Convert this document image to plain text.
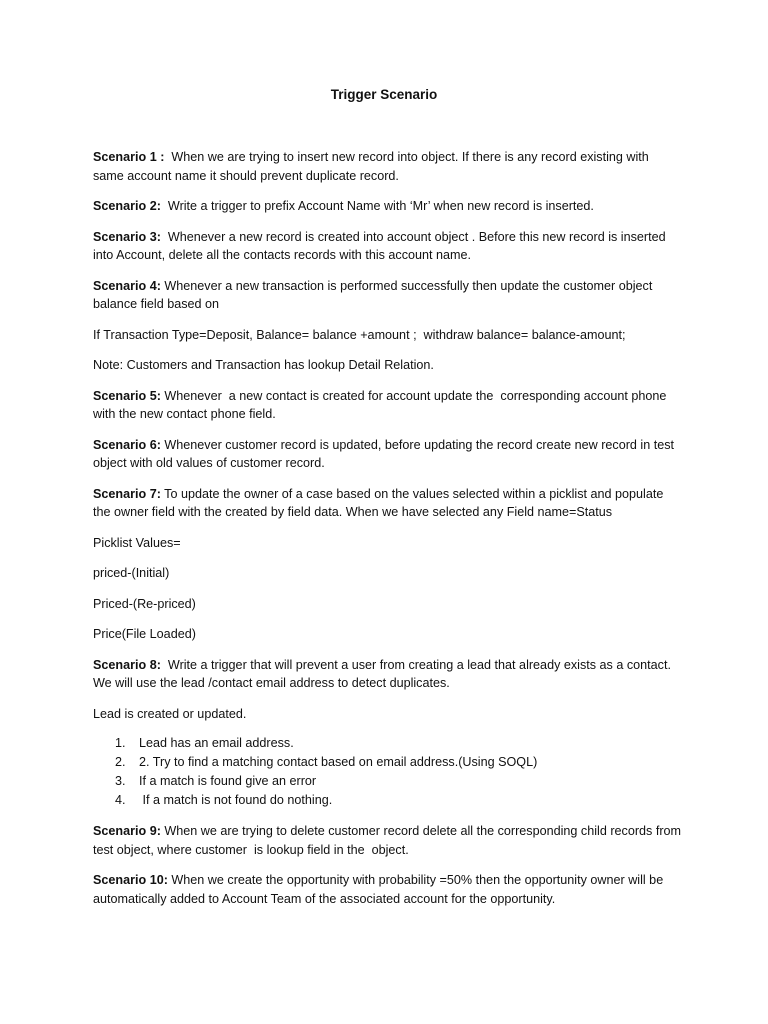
Trigger Scenario
Scenario 1 :  When we are trying to insert new record into object. If there is any record existing with same account name it should prevent duplicate record.
Scenario 2:  Write a trigger to prefix Account Name with ‘Mr’ when new record is inserted.
Scenario 3:  Whenever a new record is created into account object . Before this new record is inserted into Account, delete all the contacts records with this account name.
Scenario 4: Whenever a new transaction is performed successfully then update the customer object balance field based on
If Transaction Type=Deposit, Balance= balance +amount ;  withdraw balance= balance-amount;
Note: Customers and Transaction has lookup Detail Relation.
Scenario 5: Whenever  a new contact is created for account update the  corresponding account phone with the new contact phone field.
Scenario 6: Whenever customer record is updated, before updating the record create new record in test object with old values of customer record.
Scenario 7: To update the owner of a case based on the values selected within a picklist and populate the owner field with the created by field data. When we have selected any Field name=Status
Picklist Values=
priced-(Initial)
Priced-(Re-priced)
Price(File Loaded)
Scenario 8:  Write a trigger that will prevent a user from creating a lead that already exists as a contact. We will use the lead /contact email address to detect duplicates.
Lead is created or updated.
1. Lead has an email address.
2. 2. Try to find a matching contact based on email address.(Using SOQL)
3. If a match is found give an error
4. If a match is not found do nothing.
Scenario 9: When we are trying to delete customer record delete all the corresponding child records from test object, where customer  is lookup field in the  object.
Scenario 10: When we create the opportunity with probability =50% then the opportunity owner will be automatically added to Account Team of the associated account for the opportunity.
